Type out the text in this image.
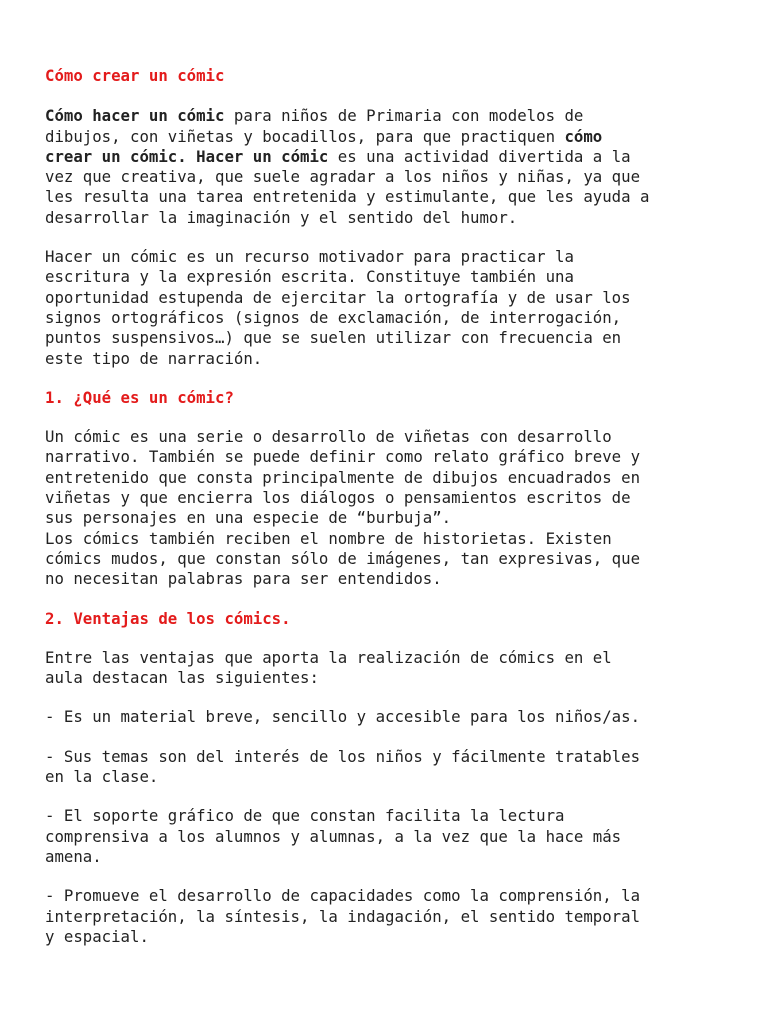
Cómo crear un cómic

Cómo hacer un cómic para niños de Primaria con modelos de
dibujos, con viñetas y bocadillos, para que practiquen cómo
crear un cómic. Hacer un cómic es una actividad divertida a la
vez que creativa, que suele agradar a los niños y niñas, ya que
les resulta una tarea entretenida y estimulante, que les ayuda a
desarrollar la imaginación y el sentido del humor.

Hacer un cómic es un recurso motivador para practicar la
escritura y la expresión escrita. Constituye también una
oportunidad estupenda de ejercitar la ortografía y de usar los
signos ortográficos (signos de exclamación, de interrogación,
puntos suspensivos…) que se suelen utilizar con frecuencia en
este tipo de narración.

1. ¿Qué es un cómic?

Un cómic es una serie o desarrollo de viñetas con desarrollo
narrativo. También se puede definir como relato gráfico breve y
entretenido que consta principalmente de dibujos encuadrados en
viñetas y que encierra los diálogos o pensamientos escritos de
sus personajes en una especie de “burbuja”.
Los cómics también reciben el nombre de historietas. Existen
cómics mudos, que constan sólo de imágenes, tan expresivas, que
no necesitan palabras para ser entendidos.

2. Ventajas de los cómics.

Entre las ventajas que aporta la realización de cómics en el
aula destacan las siguientes:

- Es un material breve, sencillo y accesible para los niños/as.

- Sus temas son del interés de los niños y fácilmente tratables
en la clase.

- El soporte gráfico de que constan facilita la lectura
comprensiva a los alumnos y alumnas, a la vez que la hace más
amena.

- Promueve el desarrollo de capacidades como la comprensión, la
interpretación, la síntesis, la indagación, el sentido temporal
y espacial.
